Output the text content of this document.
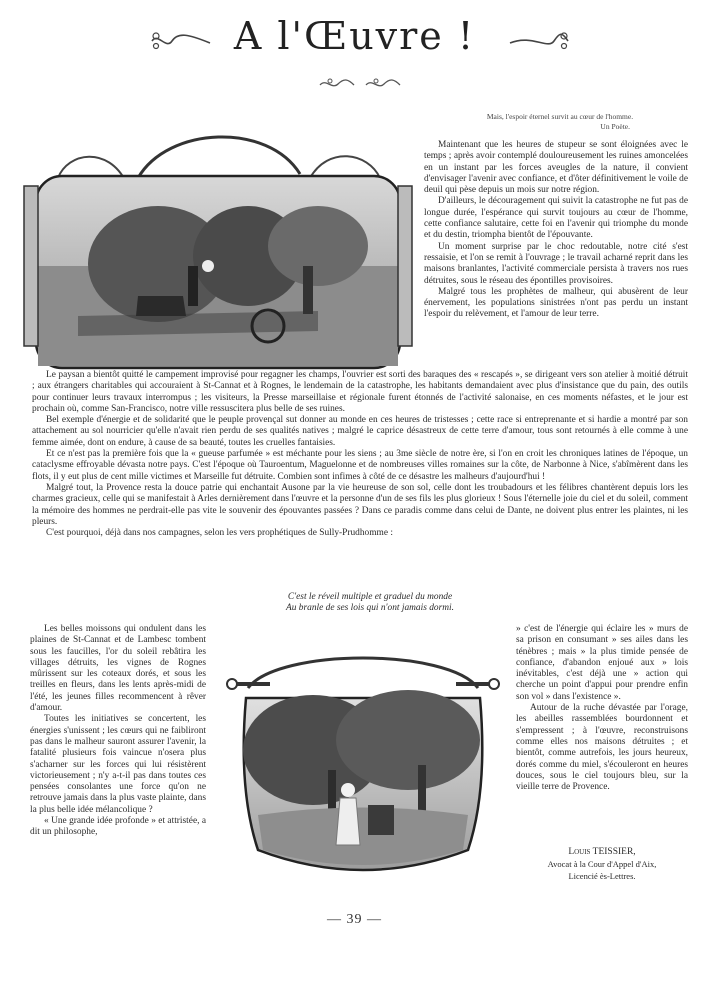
A l'Œuvre !
Mais, l'espoir éternel survit au cœur de l'homme.
Un Poète.

Maintenant que les heures de stupeur se sont éloignées avec le temps ; après avoir contemplé douloureusement les ruines amoncelées en un instant par les forces aveugles de la nature, il convient d'envisager l'avenir avec confiance, et d'ôter définitivement le voile de deuil qui pèse depuis un mois sur notre région.

D'ailleurs, le découragement qui suivit la catastrophe ne fut pas de longue durée, l'espérance qui survit toujours au cœur de l'homme, cette confiance salutaire, cette foi en l'avenir qui triomphe du monde et du destin, triompha bientôt de l'épouvante.

Un moment surprise par le choc redoutable, notre cité s'est ressaisie, et l'on se remit à l'ouvrage ; le travail acharné reprit dans les maisons branlantes, l'activité commerciale persista à travers nos rues détruites, sous le réseau des épontilles provisoires.

Malgré tous les prophètes de malheur, qui abusèrent de leur énervement, les populations sinistrées n'ont pas perdu un instant l'espoir du relèvement, et l'amour de leur terre.

Le paysan a bientôt quitté le campement improvisé pour regagner les champs, l'ouvrier est sorti des baraques des « rescapés », se dirigeant vers son atelier à moitié détruit ; aux étrangers charitables qui accouraient à St-Cannat et à Rognes, le lendemain de la catastrophe, les habitants demandaient avec plus d'insistance que du pain, des outils pour continuer leurs travaux interrompus ; les visiteurs, la Presse marseillaise et régionale furent étonnés de l'activité salonaise, en ces moments néfastes, et le jour est prochain où, comme San-Francisco, notre ville ressuscitera plus belle de ses ruines.

Bel exemple d'énergie et de solidarité que le peuple provençal sut donner au monde en ces heures de tristesses ; cette race si entreprenante et si hardie a montré par son attachement au sol nourricier qu'elle n'avait rien perdu de ses qualités natives ; malgré le caprice désastreux de cette terre d'amour, tous sont retournés à elle comme à une femme aimée, dont on endure, à cause de sa beauté, toutes les cruelles fantaisies.

Et ce n'est pas la première fois que la « gueuse parfumée » est méchante pour les siens ; au 3me siècle de notre ère, si l'on en croit les chroniques latines de l'époque, un cataclysme effroyable dévasta notre pays. C'est l'époque où Tauroentum, Maguelonne et de nombreuses villes romaines sur la côte, de Narbonne à Nice, s'abîmèrent dans les flots, il y eut plus de cent mille victimes et Marseille fut détruite. Combien sont infimes à côté de ce désastre les malheurs d'aujourd'hui !

Malgré tout, la Provence resta la douce patrie qui enchantait Ausone par la vie heureuse de son sol, celle dont les troubadours et les félibres chantèrent depuis lors les charmes gracieux, celle qui se manifestait à Arles dernièrement dans l'œuvre et la personne d'un de ses fils les plus glorieux ! Sous l'éternelle joie du ciel et du soleil, comment la mémoire des hommes ne perdrait-elle pas vite le souvenir des épouvantes passées ? Dans ce paradis comme dans celui de Dante, ne doivent plus entrer les plaintes, ni les pleurs.

C'est pourquoi, déjà dans nos campagnes, selon les vers prophétiques de Sully-Prudhomme :

C'est le réveil multiple et graduel du monde
Au branle de ses lois qui n'ont jamais dormi.

Les belles moissons qui ondulent dans les plaines de St-Cannat et de Lambesc tombent sous les faucilles, l'or du soleil rebâtira les villages détruits, les vignes de Rognes mûrissent sur les coteaux dorés, et sous les treilles en fleurs, dans les lents après-midi de l'été, les jeunes filles recommencent à rêver d'amour.

Toutes les initiatives se concertent, les énergies s'unissent ; les cœurs qui ne faibliront pas dans le malheur sauront assurer l'avenir, la fatalité plusieurs fois vaincue n'osera plus s'acharner sur les forces qui lui résistèrent victorieusement ; n'y a-t-il pas dans toutes ces pensées consolantes une force qu'on ne retrouve jamais dans la plus vaste plainte, dans la plus belle idée mélancolique ?

« Une grande idée profonde » et attristée, a dit un philosophe,

» c'est de l'énergie qui éclaire les » murs de sa prison en consumant » ses ailes dans les ténèbres ; mais » la plus timide pensée de confiance, d'abandon enjoué aux » lois inévitables, c'est déjà une » action qui cherche un point d'appui pour prendre enfin son vol » dans l'existence ».

Autour de la ruche dévastée par l'orage, les abeilles rassemblées bourdonnent et s'empressent ; à l'œuvre, reconstruisons comme elles nos maisons détruites ; et bientôt, comme autrefois, les jours heureux, dorés comme du miel, s'écouleront en heures douces, sous le ciel toujours bleu, sur la vieille terre de Provence.

Louis TEISSIER,
Avocat à la Cour d'Appel d'Aix,
Licencié ès-Lettres.
— 39 —
